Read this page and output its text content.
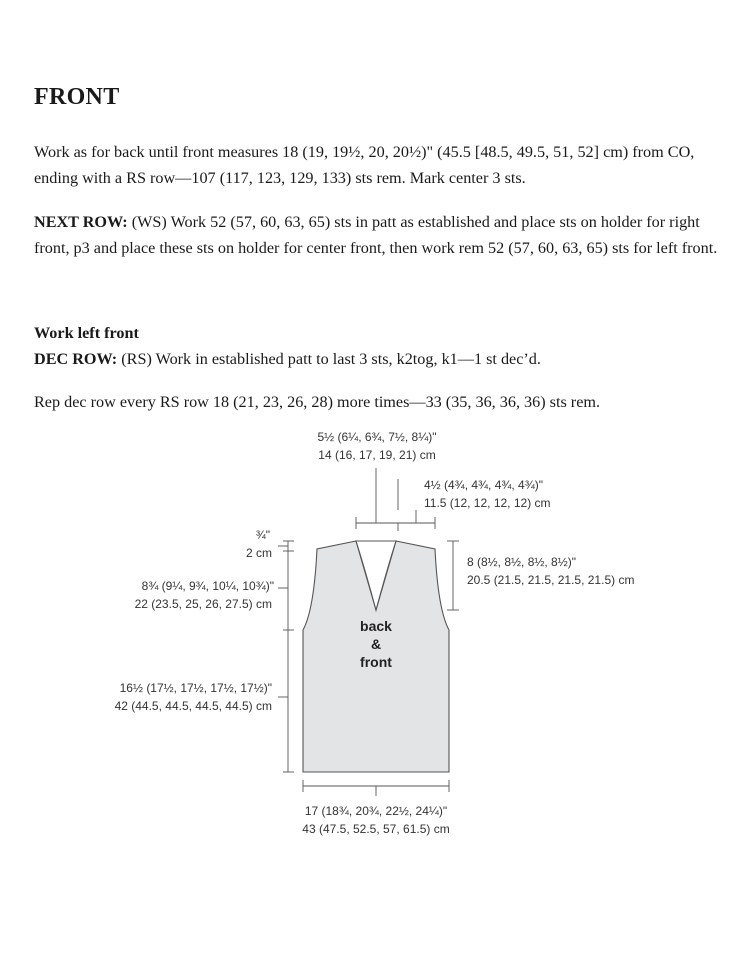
FRONT

Work as for back until front measures 18 (19, 19½, 20, 20½)" (45.5 [48.5, 49.5, 51, 52] cm) from CO, ending with a RS row—107 (117, 123, 129, 133) sts rem. Mark center 3 sts.

NEXT ROW: (WS) Work 52 (57, 60, 63, 65) sts in patt as established and place sts on holder for right front, p3 and place these sts on holder for center front, then work rem 52 (57, 60, 63, 65) sts for left front.

Work left front
DEC ROW: (RS) Work in established patt to last 3 sts, k2tog, k1—1 st dec’d.

Rep dec row every RS row 18 (21, 23, 26, 28) more times—33 (35, 36, 36, 36) sts rem.

back
&
front
5½ (6¼, 6¾, 7½, 8¼)"
14 (16, 17, 19, 21) cm
4½ (4¾, 4¾, 4¾, 4¾)"
11.5 (12, 12, 12, 12) cm
¾"
2 cm
8¾ (9¼, 9¾, 10¼, 10¾)"
22 (23.5, 25, 26, 27.5) cm
16½ (17½, 17½, 17½, 17½)"
42 (44.5, 44.5, 44.5, 44.5) cm
8 (8½, 8½, 8½, 8½)"
20.5 (21.5, 21.5, 21.5, 21.5) cm
17 (18¾, 20¾, 22½, 24¼)"
43 (47.5, 52.5, 57, 61.5) cm
